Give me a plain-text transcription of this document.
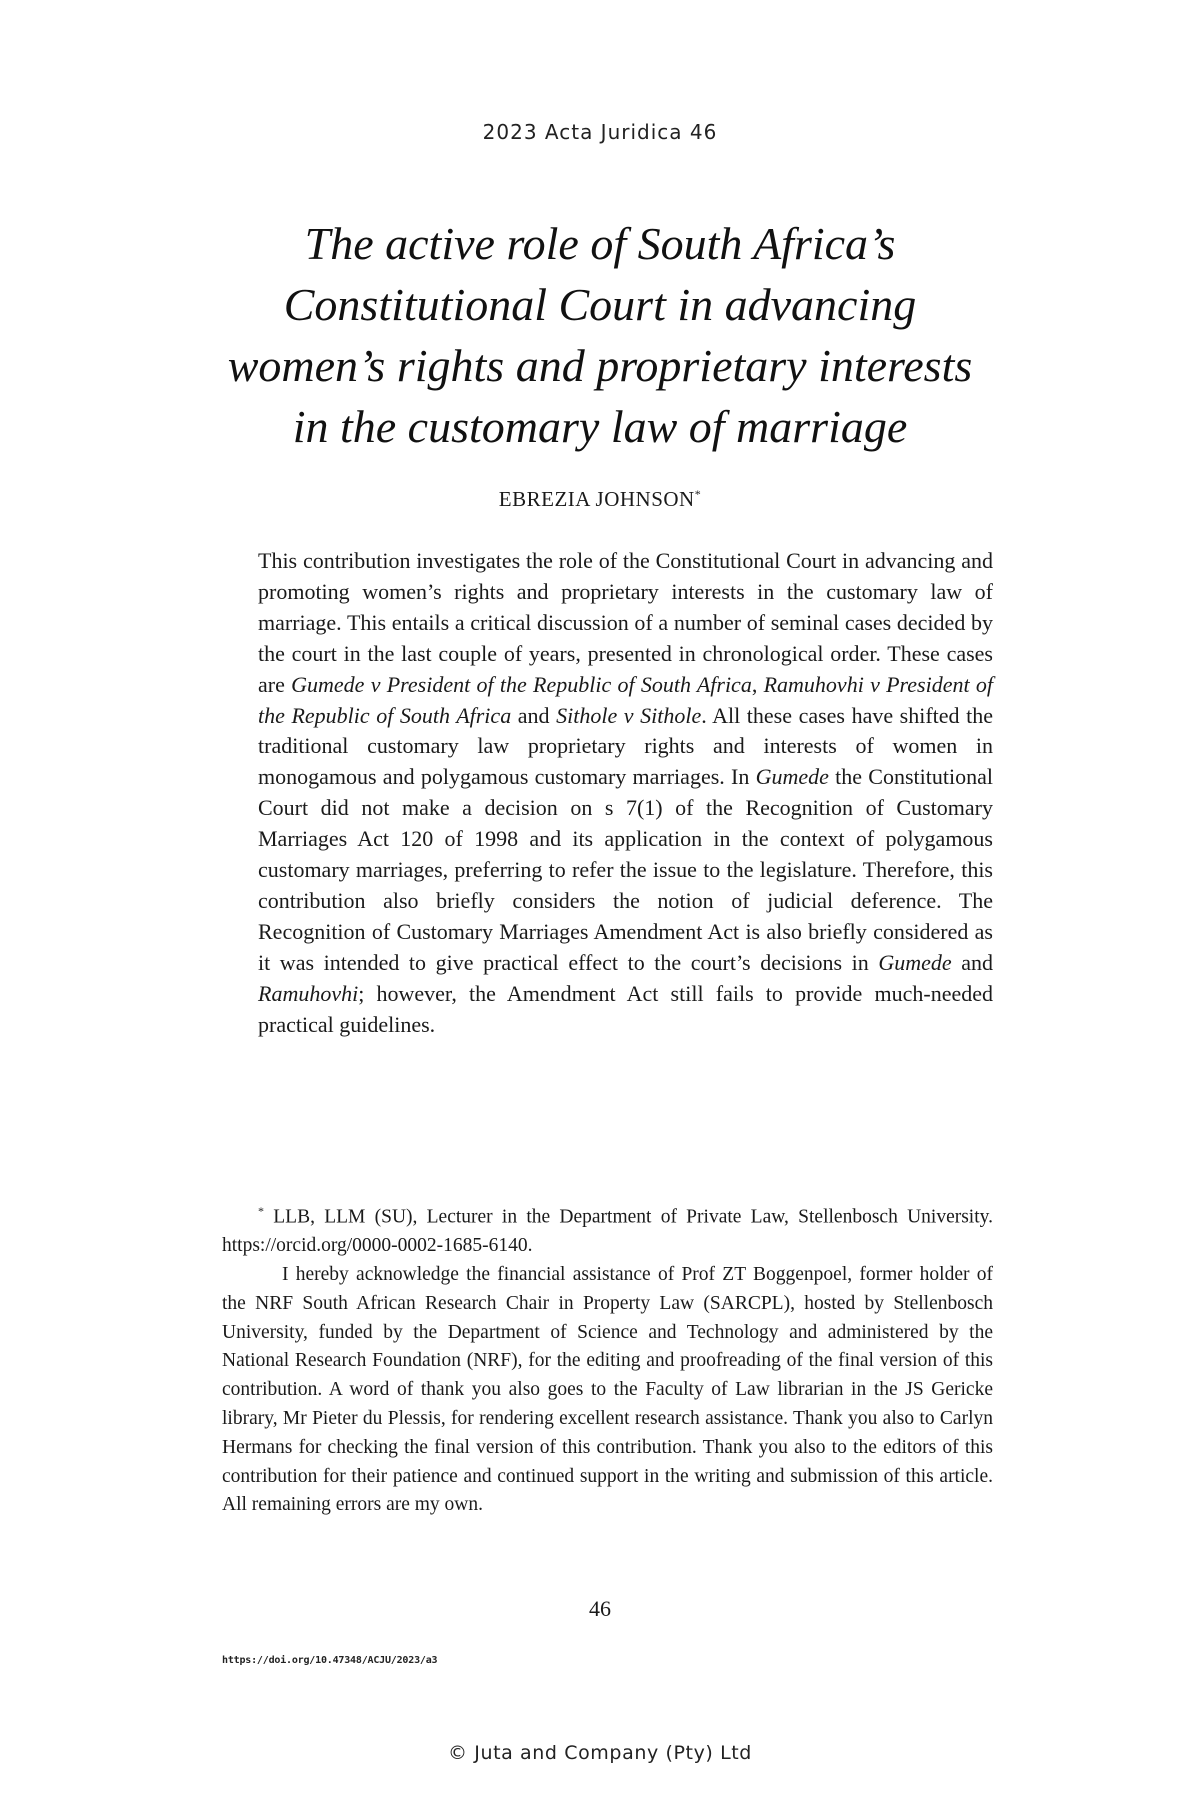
2023 Acta Juridica 46
The active role of South Africa’s
Constitutional Court in advancing
women’s rights and proprietary interests
in the customary law of marriage
EBREZIA JOHNSON*

This contribution investigates the role of the Constitutional Court in advancing and promoting women’s rights and proprietary interests in the customary law of marriage. This entails a critical discussion of a number of seminal cases decided by the court in the last couple of years, presented in chronological order. These cases are Gumede v President of the Republic of South Africa, Ramuhovhi v President of the Republic of South Africa and Sithole v Sithole. All these cases have shifted the traditional customary law proprietary rights and interests of women in monogamous and polygamous customary marriages. In Gumede the Constitutional Court did not make a decision on s 7(1) of the Recognition of Customary Marriages Act 120 of 1998 and its application in the context of polygamous customary marriages, preferring to refer the issue to the legislature. Therefore, this contribution also briefly considers the notion of judicial deference. The Recognition of Customary Marriages Amendment Act is also briefly considered as it was intended to give practical effect to the court’s decisions in Gumede and Ramuhovhi; however, the Amendment Act still fails to provide much-needed practical guidelines.

* LLB, LLM (SU), Lecturer in the Department of Private Law, Stellenbosch University. https://orcid.org/0000-0002-1685-6140.

I hereby acknowledge the financial assistance of Prof ZT Boggenpoel, former holder of the NRF South African Research Chair in Property Law (SARCPL), hosted by Stellenbosch University, funded by the Department of Science and Technology and administered by the National Research Foundation (NRF), for the editing and proofreading of the final version of this contribution. A word of thank you also goes to the Faculty of Law librarian in the JS Gericke library, Mr Pieter du Plessis, for rendering excellent research assistance. Thank you also to Carlyn Hermans for checking the final version of this contribution. Thank you also to the editors of this contribution for their patience and continued support in the writing and submission of this article. All remaining errors are my own.

46
https://doi.org/10.47348/ACJU/2023/a3
© Juta and Company (Pty) Ltd
